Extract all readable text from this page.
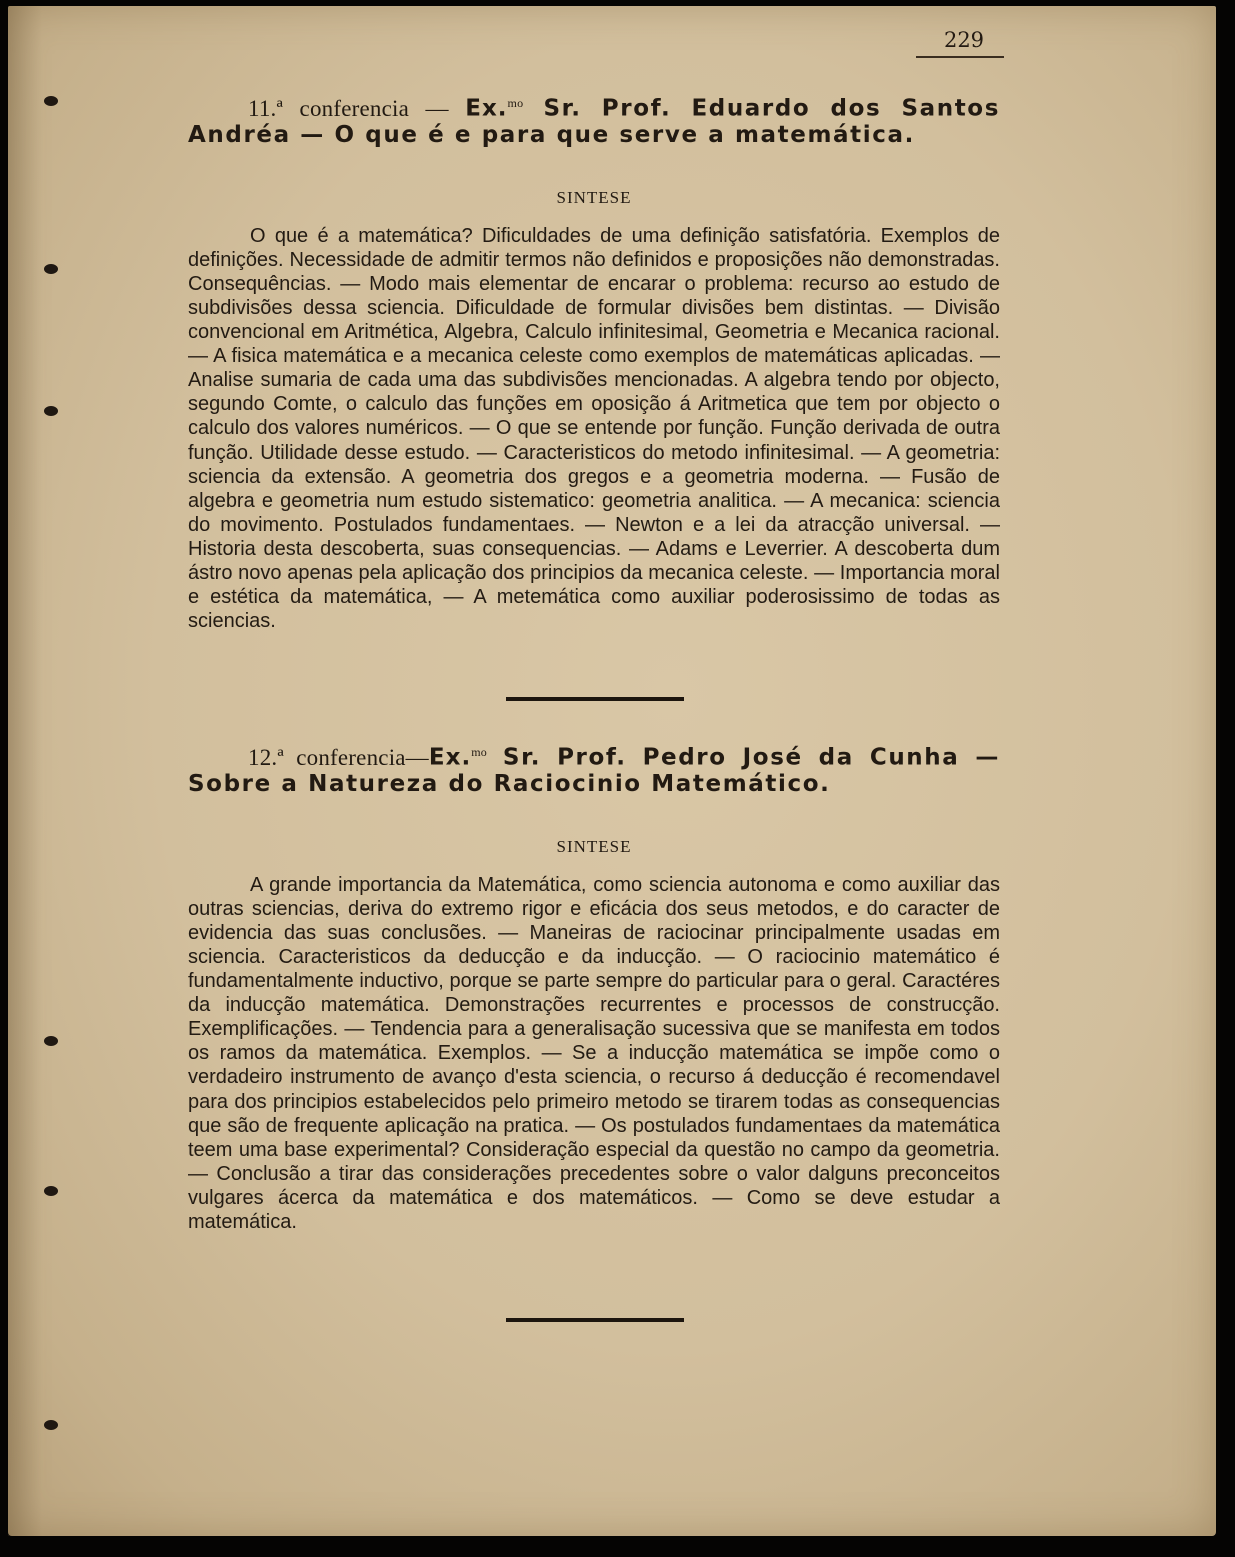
229
11.ª conferencia — Ex.$^{mo}$ Sr. Prof. Eduardo dos Santos Andréa — O que é e para que serve a matemática.
SINTESE
O que é a matemática? Dificuldades de uma definição satisfatória. Exemplos de definições. Necessidade de admitir termos não definidos e proposições não demonstradas. Consequências. — Modo mais elementar de encarar o problema: recurso ao estudo de subdivisões dessa sciencia. Dificuldade de formular divisões bem distintas. — Divisão convencional em Aritmética, Algebra, Calculo infinitesimal, Geometria e Mecanica racional. — A fisica matemática e a mecanica celeste como exemplos de matemáticas aplicadas. — Analise sumaria de cada uma das subdivisões mencionadas. A algebra tendo por objecto, segundo Comte, o calculo das funções em oposição á Aritmetica que tem por objecto o calculo dos valores numéricos. — O que se entende por função. Função derivada de outra função. Utilidade desse estudo. — Caracteristicos do metodo infinitesimal. — A geometria: sciencia da extensão. A geometria dos gregos e a geometria moderna. — Fusão de algebra e geometria num estudo sistematico: geometria analitica. — A mecanica: sciencia do movimento. Postulados fundamentaes. — Newton e a lei da atracção universal. — Historia desta descoberta, suas consequencias. — Adams e Leverrier. A descoberta dum ástro novo apenas pela aplicação dos principios da mecanica celeste. — Importancia moral e estética da matemática, — A metemática como auxiliar poderosissimo de todas as sciencias.
12.ª conferencia—Ex.$^{mo}$ Sr. Prof. Pedro José da Cunha — Sobre a Natureza do Raciocinio Matemático.
SINTESE
A grande importancia da Matemática, como sciencia autonoma e como auxiliar das outras sciencias, deriva do extremo rigor e eficácia dos seus metodos, e do caracter de evidencia das suas conclusões. — Maneiras de raciocinar principalmente usadas em sciencia. Caracteristicos da deducção e da inducção. — O raciocinio matemático é fundamentalmente inductivo, porque se parte sempre do particular para o geral. Caractéres da inducção matemática. Demonstrações recurrentes e processos de construcção. Exemplificações. — Tendencia para a generalisação sucessiva que se manifesta em todos os ramos da matemática. Exemplos. — Se a inducção matemática se impõe como o verdadeiro instrumento de avanço d'esta sciencia, o recurso á deducção é recomendavel para dos principios estabelecidos pelo primeiro metodo se tirarem todas as consequencias que são de frequente aplicação na pratica. — Os postulados fundamentaes da matemática teem uma base experimental? Consideração especial da questão no campo da geometria. — Conclusão a tirar das considerações precedentes sobre o valor dalguns preconceitos vulgares ácerca da matemática e dos matemáticos. — Como se deve estudar a matemática.
